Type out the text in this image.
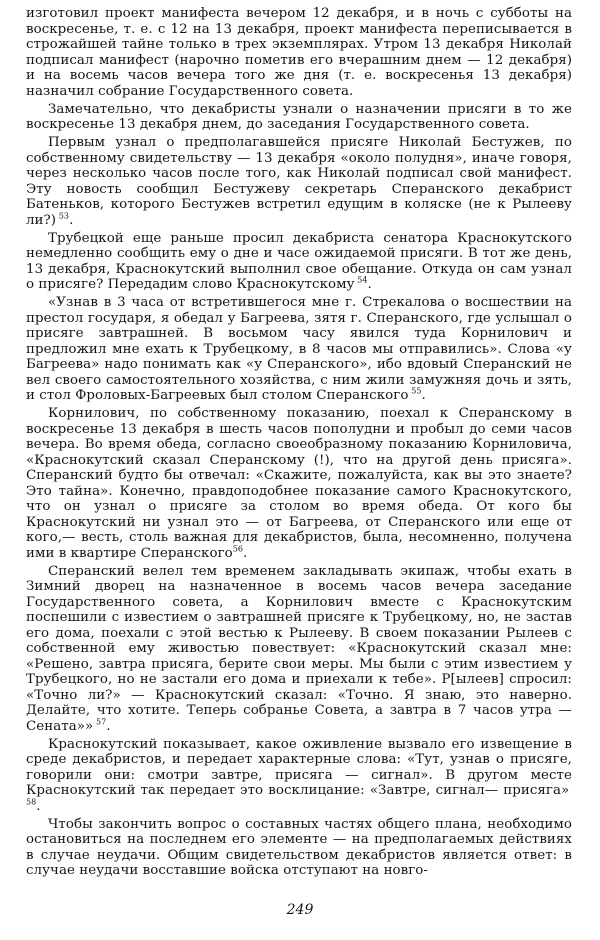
изготовил проект манифеста вечером 12 декабря, и в ночь с субботы на воскресенье, т. е. с 12 на 13 декабря, проект манифеста переписывается в строжайшей тайне только в трех экземплярах. Утром 13 декабря Николай подписал манифест (нарочно пометив его вчерашним днем — 12 декабря) и на восемь часов вечера того же дня (т. е. воскресенья 13 декабря) назначил собрание Государственного совета.

Замечательно, что декабристы узнали о назначении присяги в то же воскресенье 13 декабря днем, до заседания Государственного совета.

Первым узнал о предполагавшейся присяге Николай Бестужев, по собственному свидетельству — 13 декабря «около полудня», иначе говоря, через несколько часов после того, как Николай подписал свой манифест. Эту новость сообщил Бестужеву секретарь Сперанского декабрист Батеньков, которого Бестужев встретил едущим в коляске (не к Рылееву ли?)  $^{53}$.

Трубецкой еще раньше просил декабриста сенатора Краснокутского немедленно сообщить ему о дне и часе ожидаемой присяги. В тот же день, 13 декабря, Краснокутский выполнил свое обещание. Откуда он сам узнал о присяге? Передадим слово Краснокутскому  $^{54}$.

«Узнав в 3 часа от встретившегося мне г. Стрекалова о восшествии на престол государя, я обедал у Багреева, зятя г. Сперанского, где услышал о присяге завтрашней. В восьмом часу явился туда Корнилович и предложил мне ехать к Трубецкому, в 8 часов мы отправились». Слова «у Багреева» надо понимать как «у Сперанского», ибо вдовый Сперанский не вел своего самостоятельного хозяйства, с ним жили замужняя дочь и зять, и стол Фроловых-Багреевых был столом Сперанского  $^{55}$.

Корнилович, по собственному показанию, поехал к Сперанскому в воскресенье 13 декабря в шесть часов пополудни и пробыл до семи часов вечера. Во время обеда, согласно своеобразному показанию Корниловича, «Краснокутский сказал Сперанскому (!), что на другой день присяга». Сперанский будто бы отвечал: «Скажите, пожалуйста, как вы это знаете? Это тайна». Конечно, правдоподобнее показание самого Краснокутского, что он узнал о присяге за столом во время обеда. От кого бы Краснокутский ни узнал это — от Багреева, от Сперанского или еще от кого,— весть, столь важная для декабристов, была, несомненно, получена ими в квартире Сперанского$^{56}$.

Сперанский велел тем временем закладывать экипаж, чтобы ехать в Зимний дворец на назначенное в восемь часов вечера заседание Государственного совета, а Корнилович вместе с Краснокутским поспешили с известием о завтрашней присяге к Трубецкому, но, не застав его дома, поехали с этой вестью к Рылееву. В своем показании Рылеев с собственной ему живостью повествует: «Краснокутский сказал мне: «Решено, завтра присяга, берите свои меры. Мы были с этим известием у Трубецкого, но не застали его дома и приехали к тебе». Р[ылеев] спросил: «Точно ли?» — Краснокутский сказал: «Точно. Я знаю, это наверно. Делайте, что хотите. Теперь собранье Совета, а завтра в 7 часов утра — Сената»»  $^{57}$.

Краснокутский показывает, какое оживление вызвало его извещение в среде декабристов, и передает характерные слова: «Тут, узнав о присяге, говорили они: смотри завтре, присяга — сигнал». В другом месте Краснокутский так передает это восклицание: «Завтре, сигнал— присяга» $^{58}$.

Чтобы закончить вопрос о составных частях общего плана, необходимо остановиться на последнем его элементе — на предполагаемых действиях в случае неудачи. Общим свидетельством декабристов является ответ: в случае неудачи восставшие войска отступают на новго-

249
